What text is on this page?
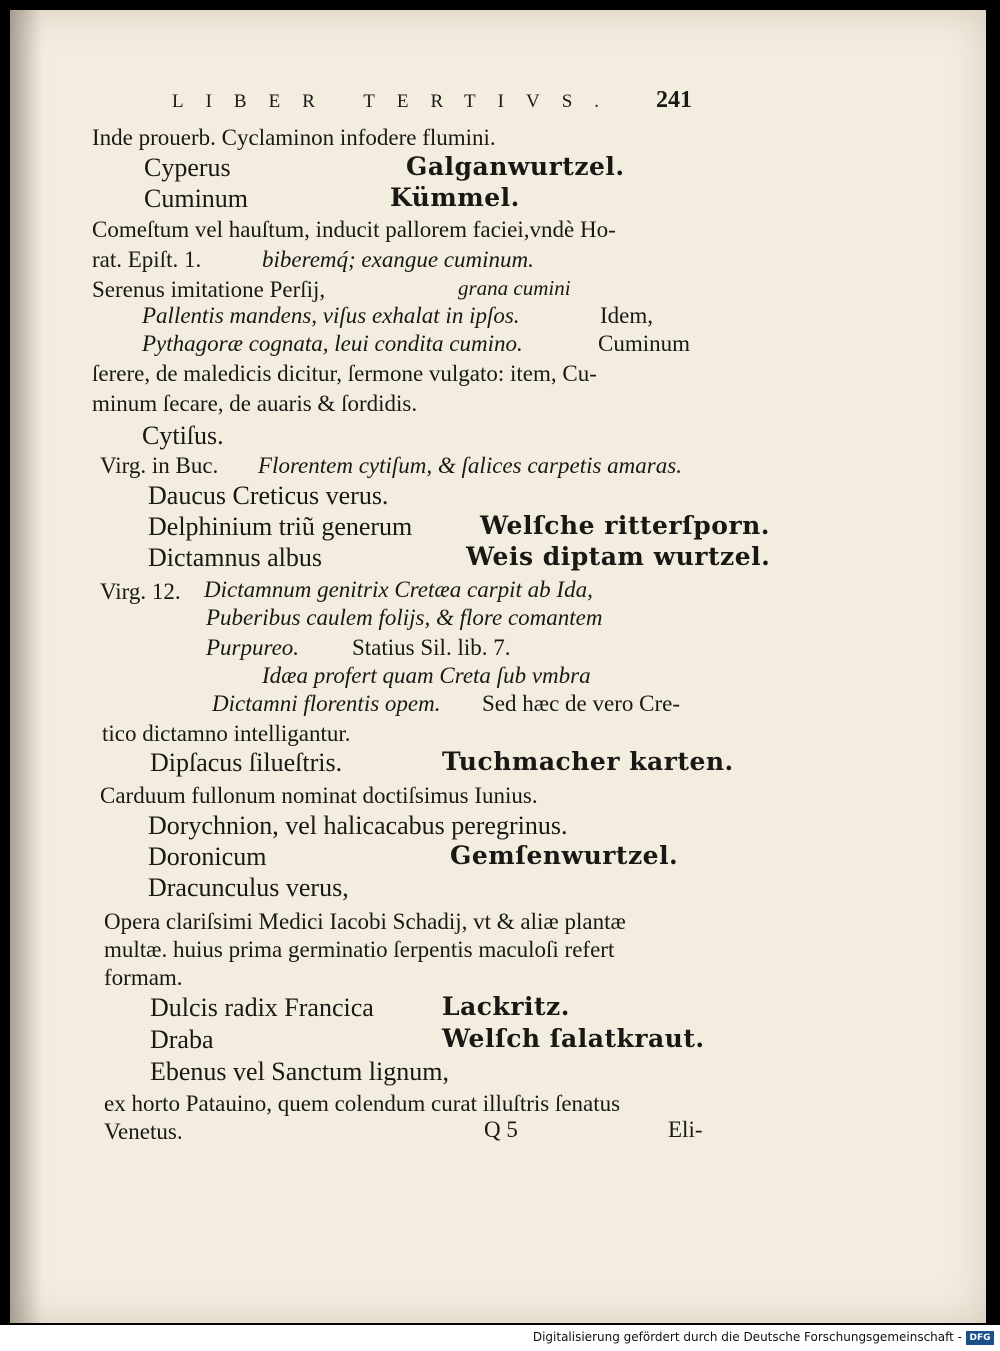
LIBER TERTIVS. 241
Inde prouerb. Cyclaminon infodere flumini.
Cyperus	Galganwurtzel.
Cuminum	Kümmel.
Comeſtum vel hauſtum, inducit pallorem faciei,vndè Ho-
rat. Epiſt. 1.	biberemq́; exangue cuminum.
Serenus imitatione Perſij,	grana cumini
Pallentis mandens, viſus exhalat in ipſos.	Idem,
Pythagoræ cognata, leui condita cumino.	Cuminum
ſerere, de maledicis dicitur, ſermone vulgato: item, Cu-
minum ſecare, de auaris & ſordidis.
Cytiſus.
Virg. in Buc. Florentem cytiſum, & ſalices carpetis amaras.
Daucus Creticus verus.
Delphinium triũ generum	Welſche ritterſporn.
Dictamnus albus	Weis diptam wurtzel.
Virg. 12. Dictamnum genitrix Cretæa carpit ab Ida,
Puberibus caulem folijs, & flore comantem
Purpureo. Statius Sil. lib. 7.
Idæa profert quam Creta ſub vmbra
Dictamni florentis opem. Sed hæc de vero Cre-
tico dictamno intelligantur.
Dipſacus ſilueſtris.	Tuchmacher karten.
Carduum fullonum nominat doctiſsimus Iunius.
Dorychnion, vel halicacabus peregrinus.
Doronicum	Gemſenwurtzel.
Dracunculus verus,
Opera clariſsimi Medici Iacobi Schadij, vt & aliæ plantæ
multæ. huius prima germinatio ſerpentis maculoſi refert
formam.
Dulcis radix Francica	Lackritz.
Draba	Welſch ſalatkraut.
Ebenus vel Sanctum lignum,
ex horto Patauino, quem colendum curat illuſtris ſenatus
Venetus.	Q 5	Eli-
Digitalisierung gefördert durch die Deutsche Forschungsgemeinschaft - DFG
